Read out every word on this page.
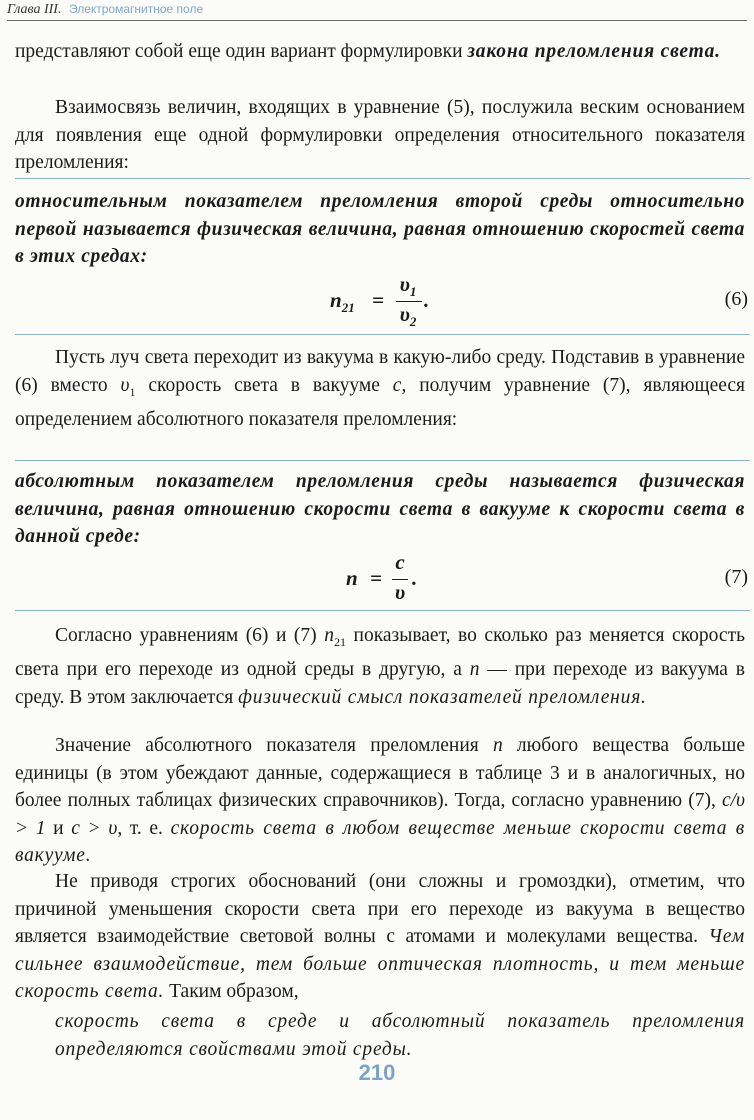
Глава III. Электромагнитное поле

представляют собой еще один вариант формулировки закона преломления света.

Взаимосвязь величин, входящих в уравнение (5), послужила веским основанием для появления еще одной формулировки определения относительного показателя преломления:

относительным показателем преломления второй среды относительно первой называется физическая величина, равная отношению скоростей света в этих средах:

$n_{21}$ =
$\upsilon_1$
$\upsilon_2$
.	(6)

Пусть луч света переходит из вакуума в какую-либо среду. Подставив в уравнение (6) вместо $\upsilon_1$ скорость света в вакууме c, получим уравнение (7), являющееся определением абсолютного показателя преломления:

абсолютным показателем преломления среды называется физическая величина, равная отношению скорости света в вакууме к скорости света в данной среде:

n =
c
υ
.	(7)

Согласно уравнениям (6) и (7) $n_{21}$ показывает, во сколько раз меняется скорость света при его переходе из одной среды в другую, а n — при переходе из вакуума в среду. В этом заключается физический смысл показателей преломления.

Значение абсолютного показателя преломления n любого вещества больше единицы (в этом убеждают данные, содержащиеся в таблице 3 и в аналогичных, но более полных таблицах физических справочников). Тогда, согласно уравнению (7), c/υ > 1 и c > υ, т. е. скорость света в любом веществе меньше скорости света в вакууме.

Не приводя строгих обоснований (они сложны и громоздки), отметим, что причиной уменьшения скорости света при его переходе из вакуума в вещество является взаимодействие световой волны с атомами и молекулами вещества. Чем сильнее взаимодействие, тем больше оптическая плотность, и тем меньше скорость света. Таким образом,

скорость света в среде и абсолютный показатель преломления определяются свойствами этой среды.

210
